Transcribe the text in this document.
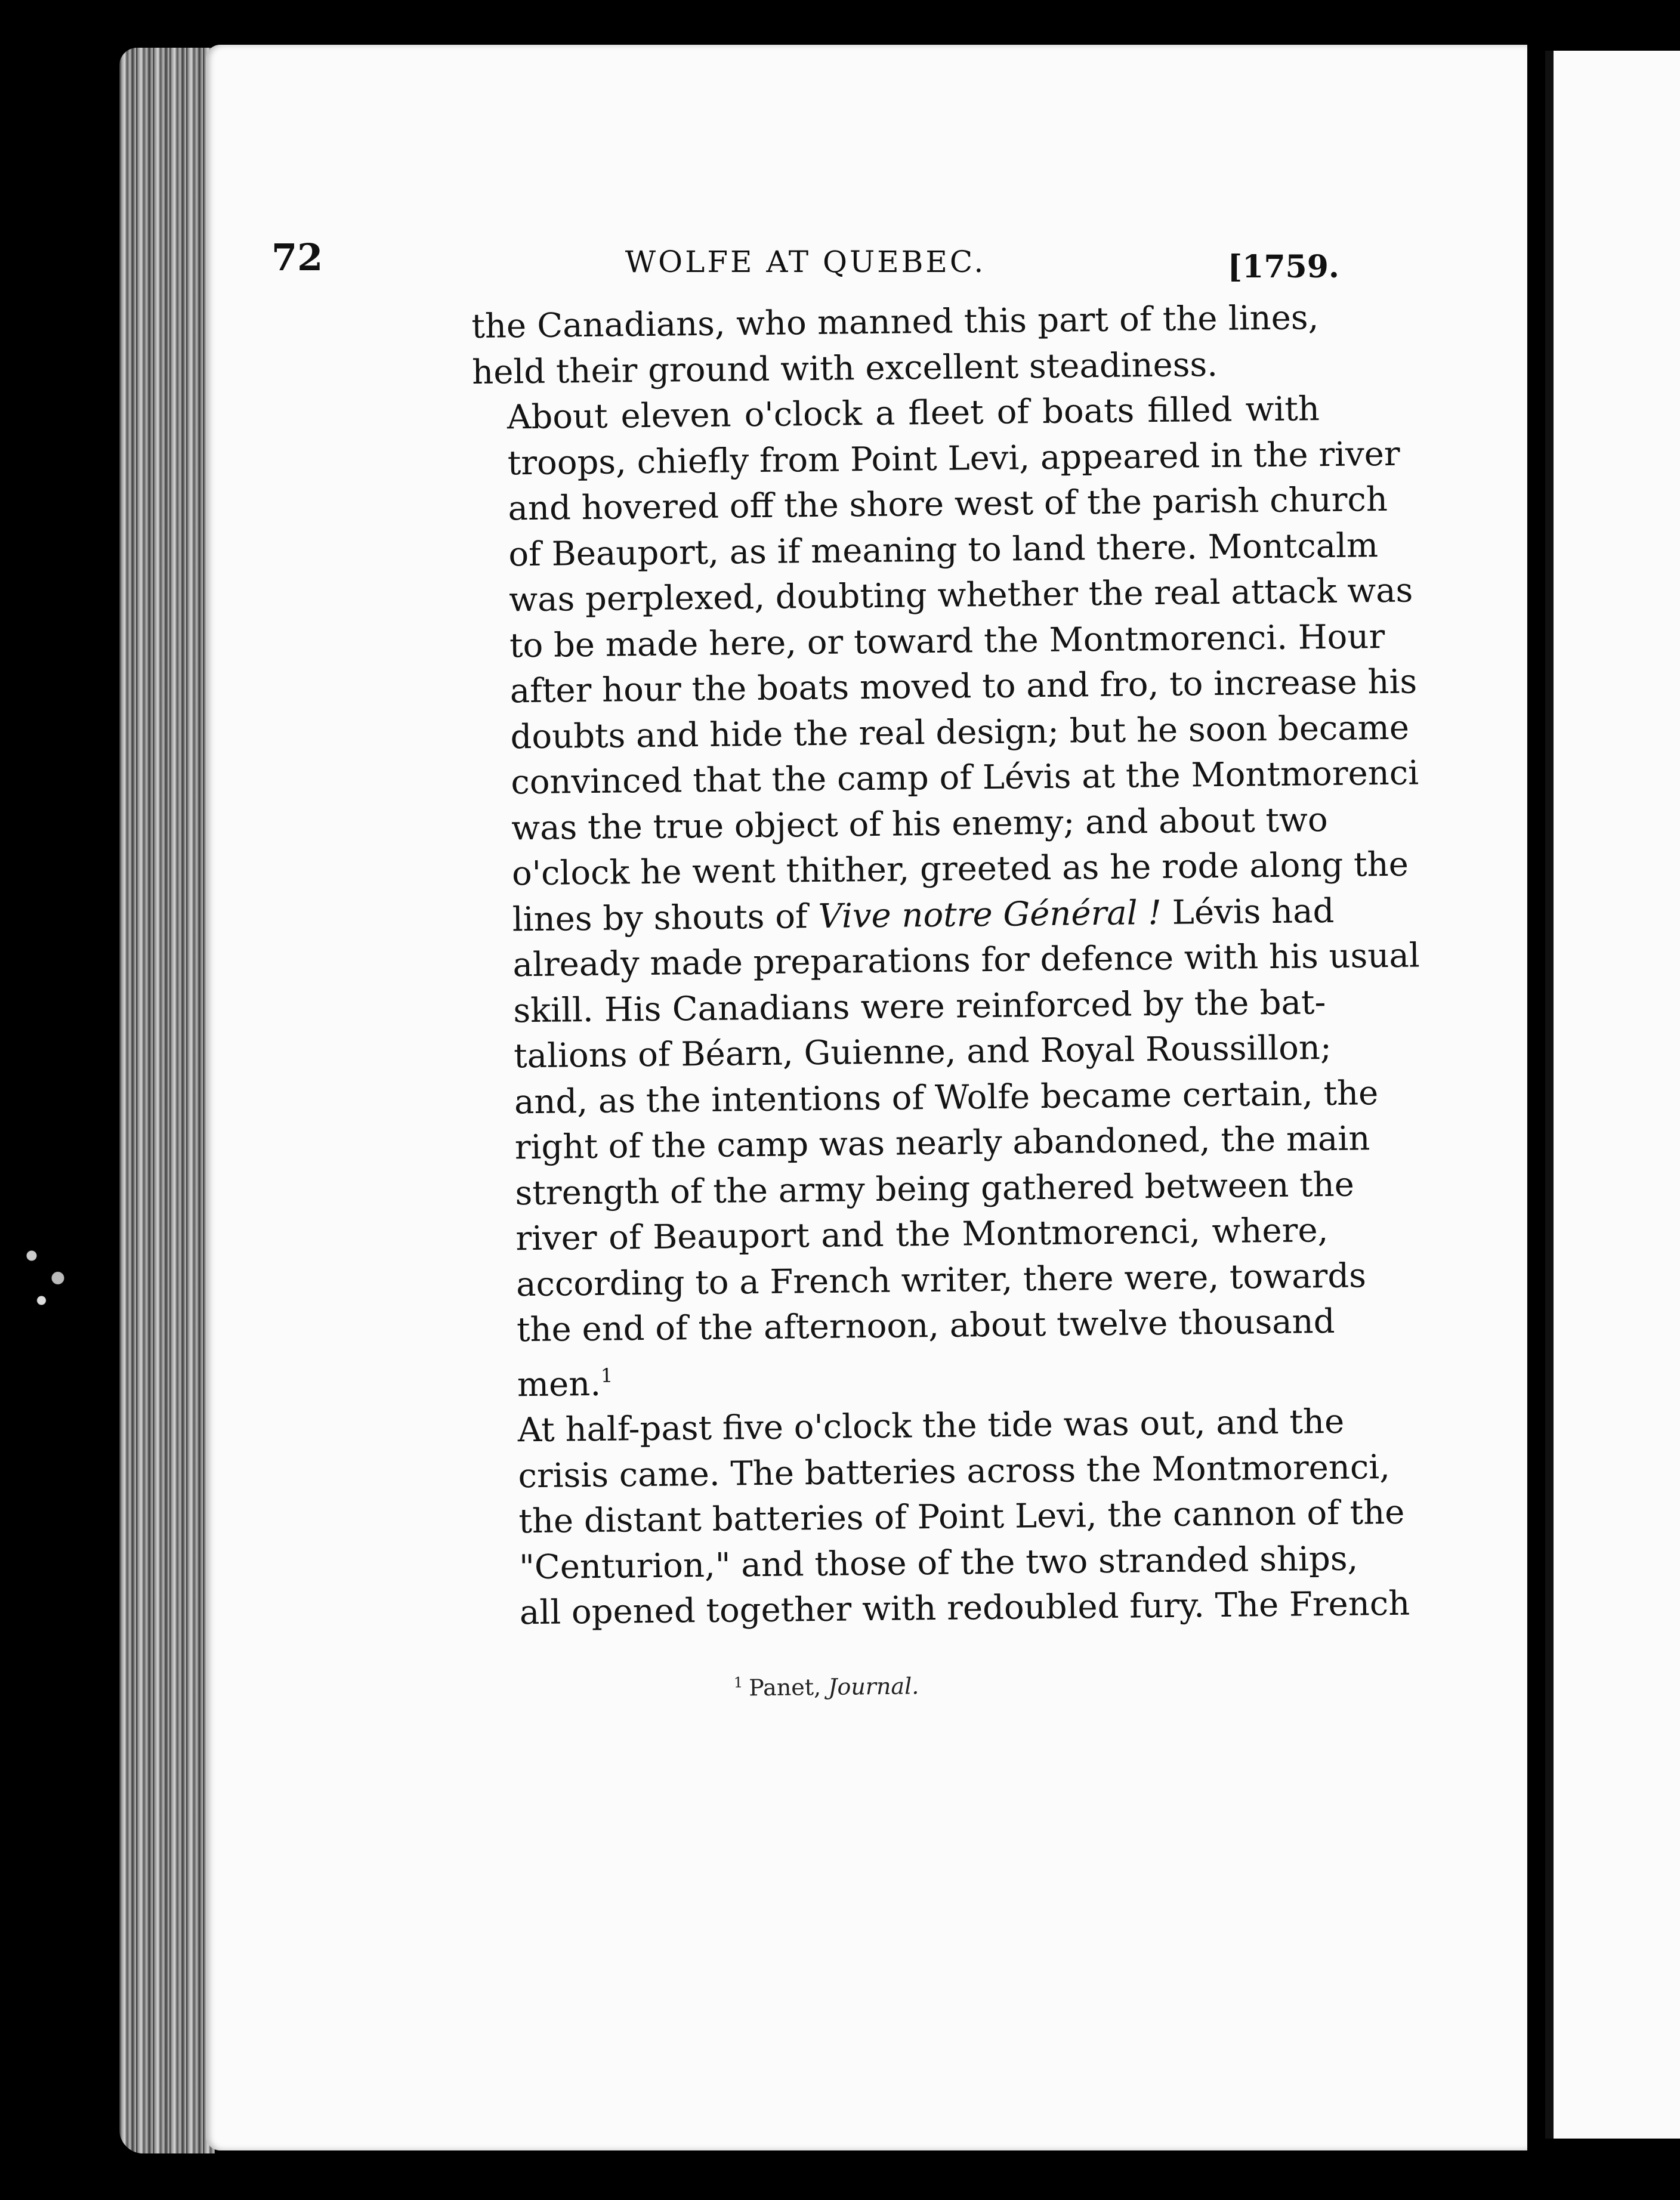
72	WOLFE AT QUEBEC.	[1759.

the Canadians, who manned this part of the lines,
held their ground with excellent steadiness.

About eleven o'clock a fleet of boats filled with
troops, chiefly from Point Levi, appeared in the river
and hovered off the shore west of the parish church
of Beauport, as if meaning to land there. Montcalm
was perplexed, doubting whether the real attack was
to be made here, or toward the Montmorenci. Hour
after hour the boats moved to and fro, to increase his
doubts and hide the real design; but he soon became
convinced that the camp of Lévis at the Montmorenci
was the true object of his enemy; and about two
o'clock he went thither, greeted as he rode along the
lines by shouts of Vive notre Général ! Lévis had
already made preparations for defence with his usual
skill. His Canadians were reinforced by the bat-
talions of Béarn, Guienne, and Royal Roussillon;
and, as the intentions of Wolfe became certain, the
right of the camp was nearly abandoned, the main
strength of the army being gathered between the
river of Beauport and the Montmorenci, where,
according to a French writer, there were, towards
the end of the afternoon, about twelve thousand
men.$^1$

At half-past five o'clock the tide was out, and the
crisis came. The batteries across the Montmorenci,
the distant batteries of Point Levi, the cannon of the
"Centurion," and those of the two stranded ships,
all opened together with redoubled fury. The French

$^1$ Panet, Journal.
